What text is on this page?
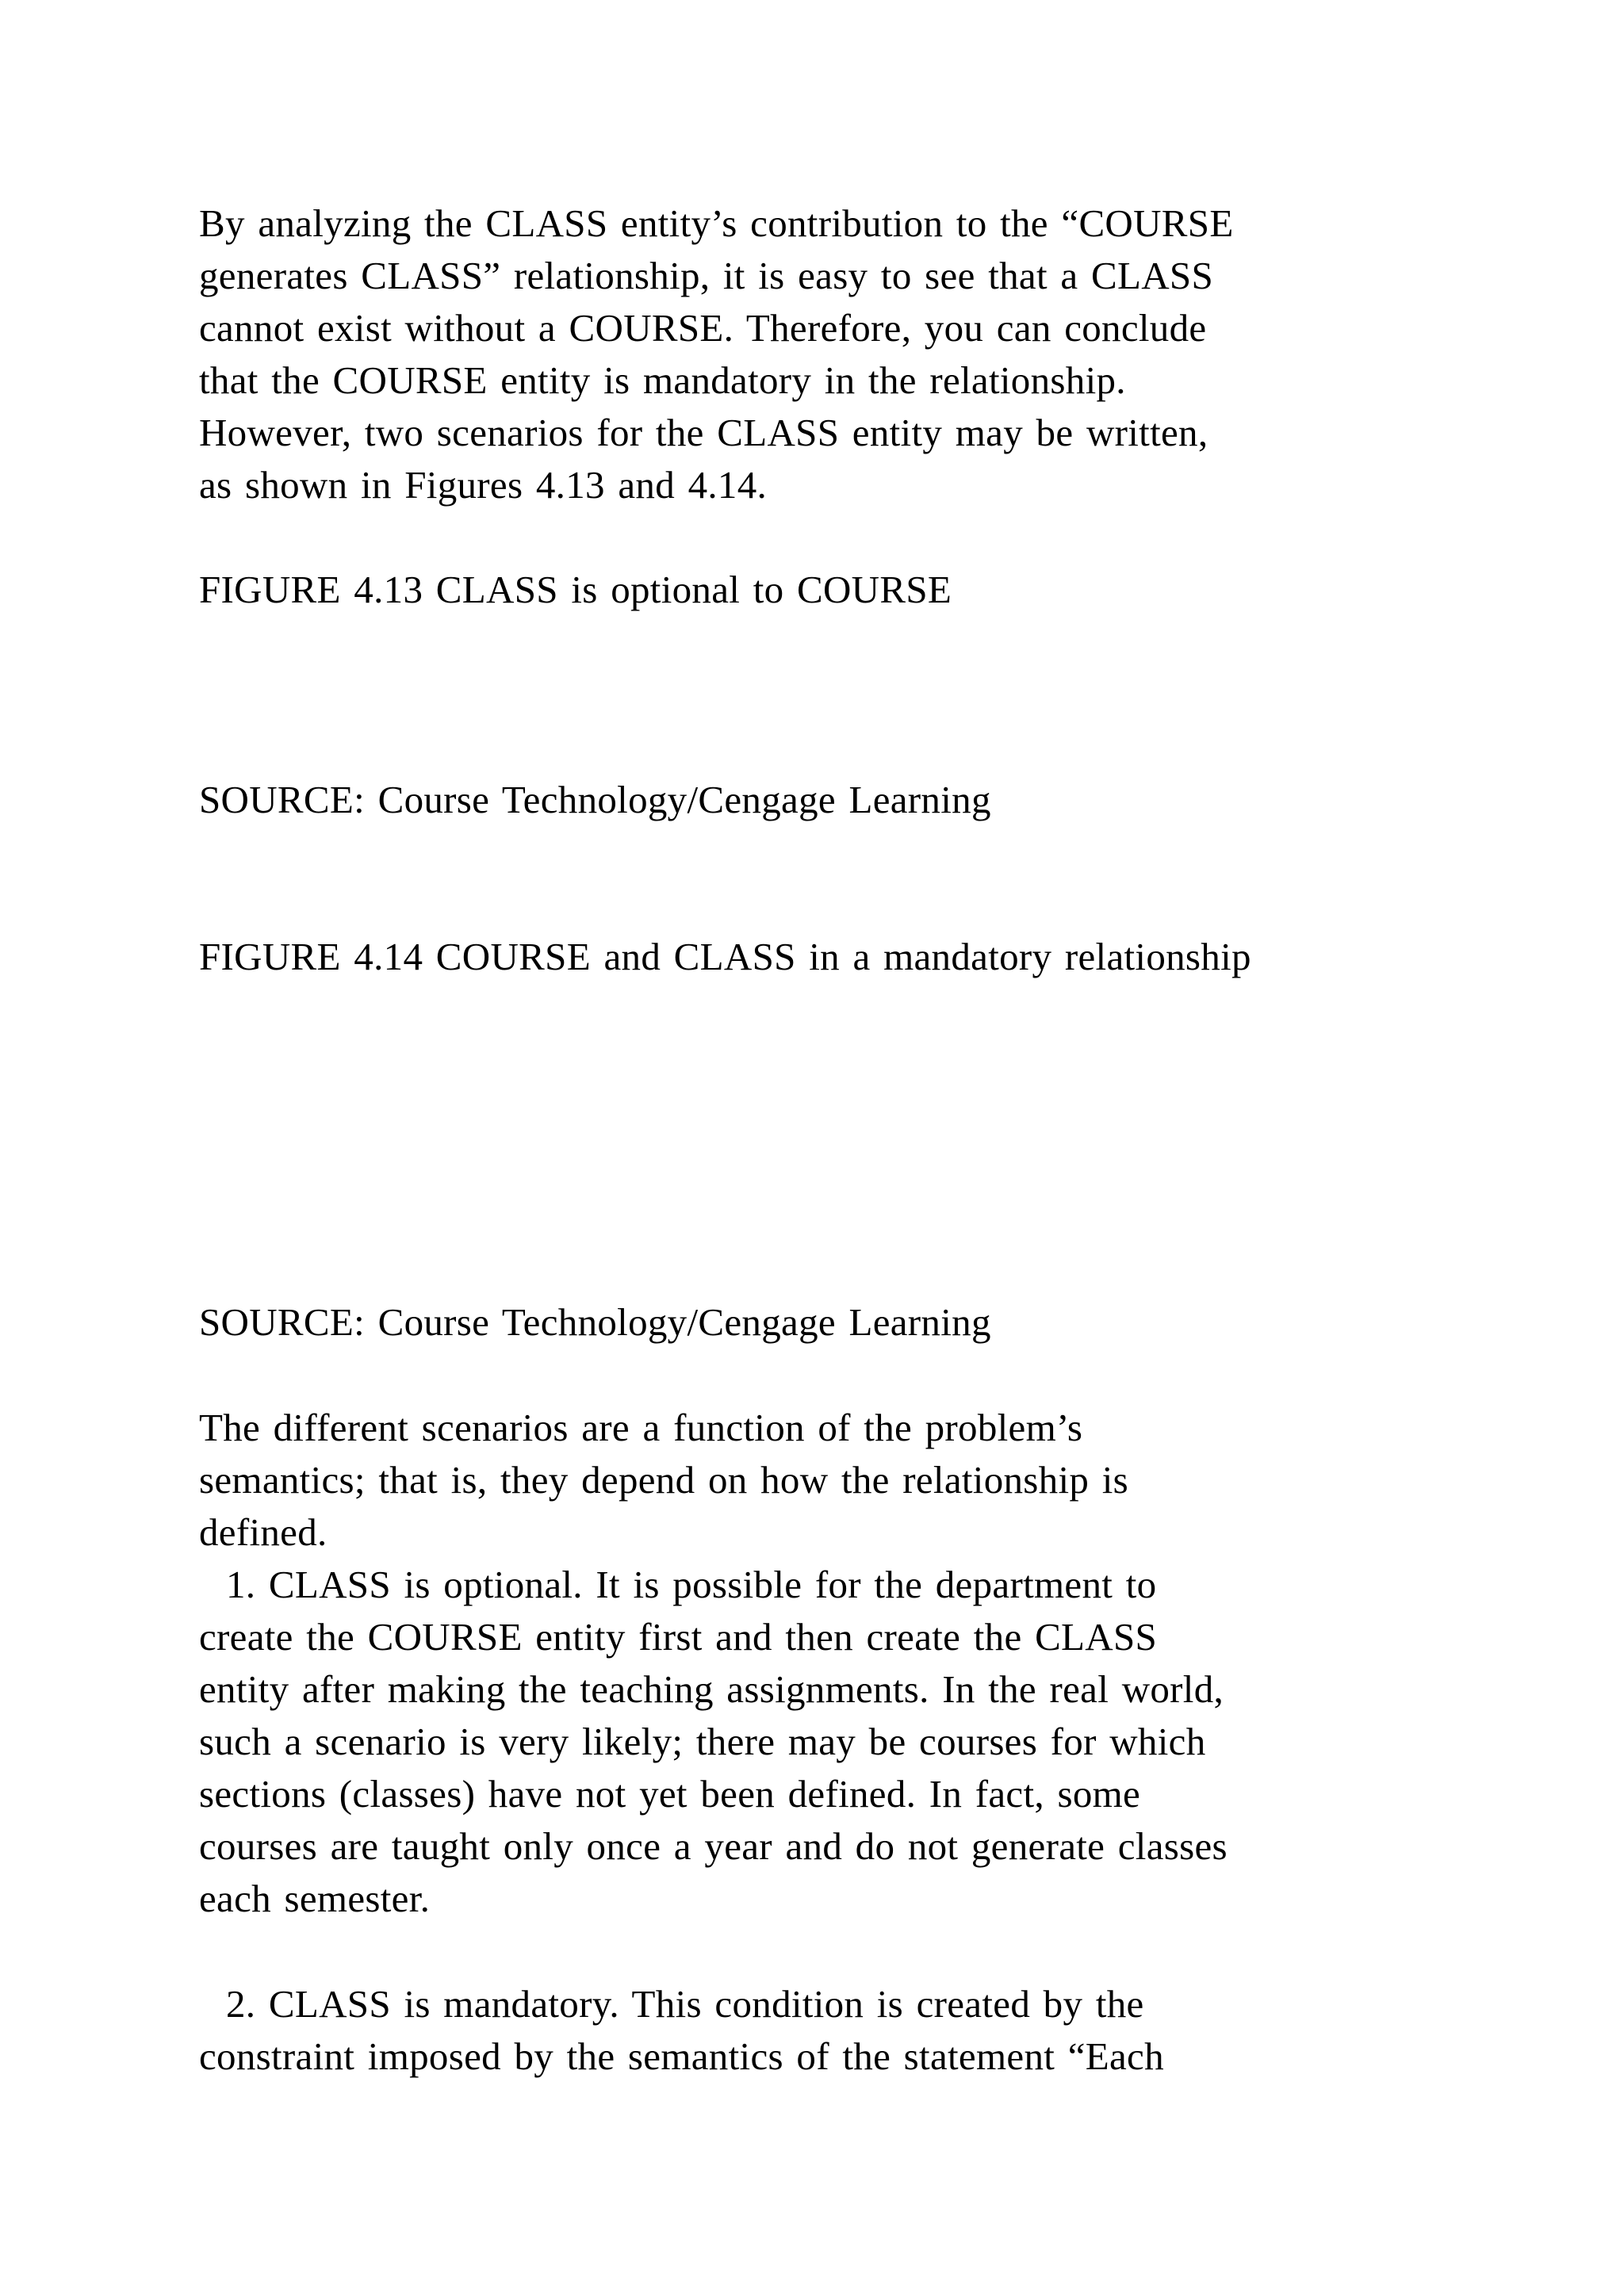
By analyzing the CLASS entity’s contribution to the “COURSE
generates CLASS” relationship, it is easy to see that a CLASS
cannot exist without a COURSE. Therefore, you can conclude
that the COURSE entity is mandatory in the relationship.
However, two scenarios for the CLASS entity may be written,
as shown in Figures 4.13 and 4.14.
FIGURE 4.13 CLASS is optional to COURSE
SOURCE: Course Technology/Cengage Learning
FIGURE 4.14 COURSE and CLASS in a mandatory relationship
SOURCE: Course Technology/Cengage Learning
The different scenarios are a function of the problem’s
semantics; that is, they depend on how the relationship is
defined.
1. CLASS is optional. It is possible for the department to
create the COURSE entity first and then create the CLASS
entity after making the teaching assignments. In the real world,
such a scenario is very likely; there may be courses for which
sections (classes) have not yet been defined. In fact, some
courses are taught only once a year and do not generate classes
each semester.
2. CLASS is mandatory. This condition is created by the
constraint imposed by the semantics of the statement “Each
